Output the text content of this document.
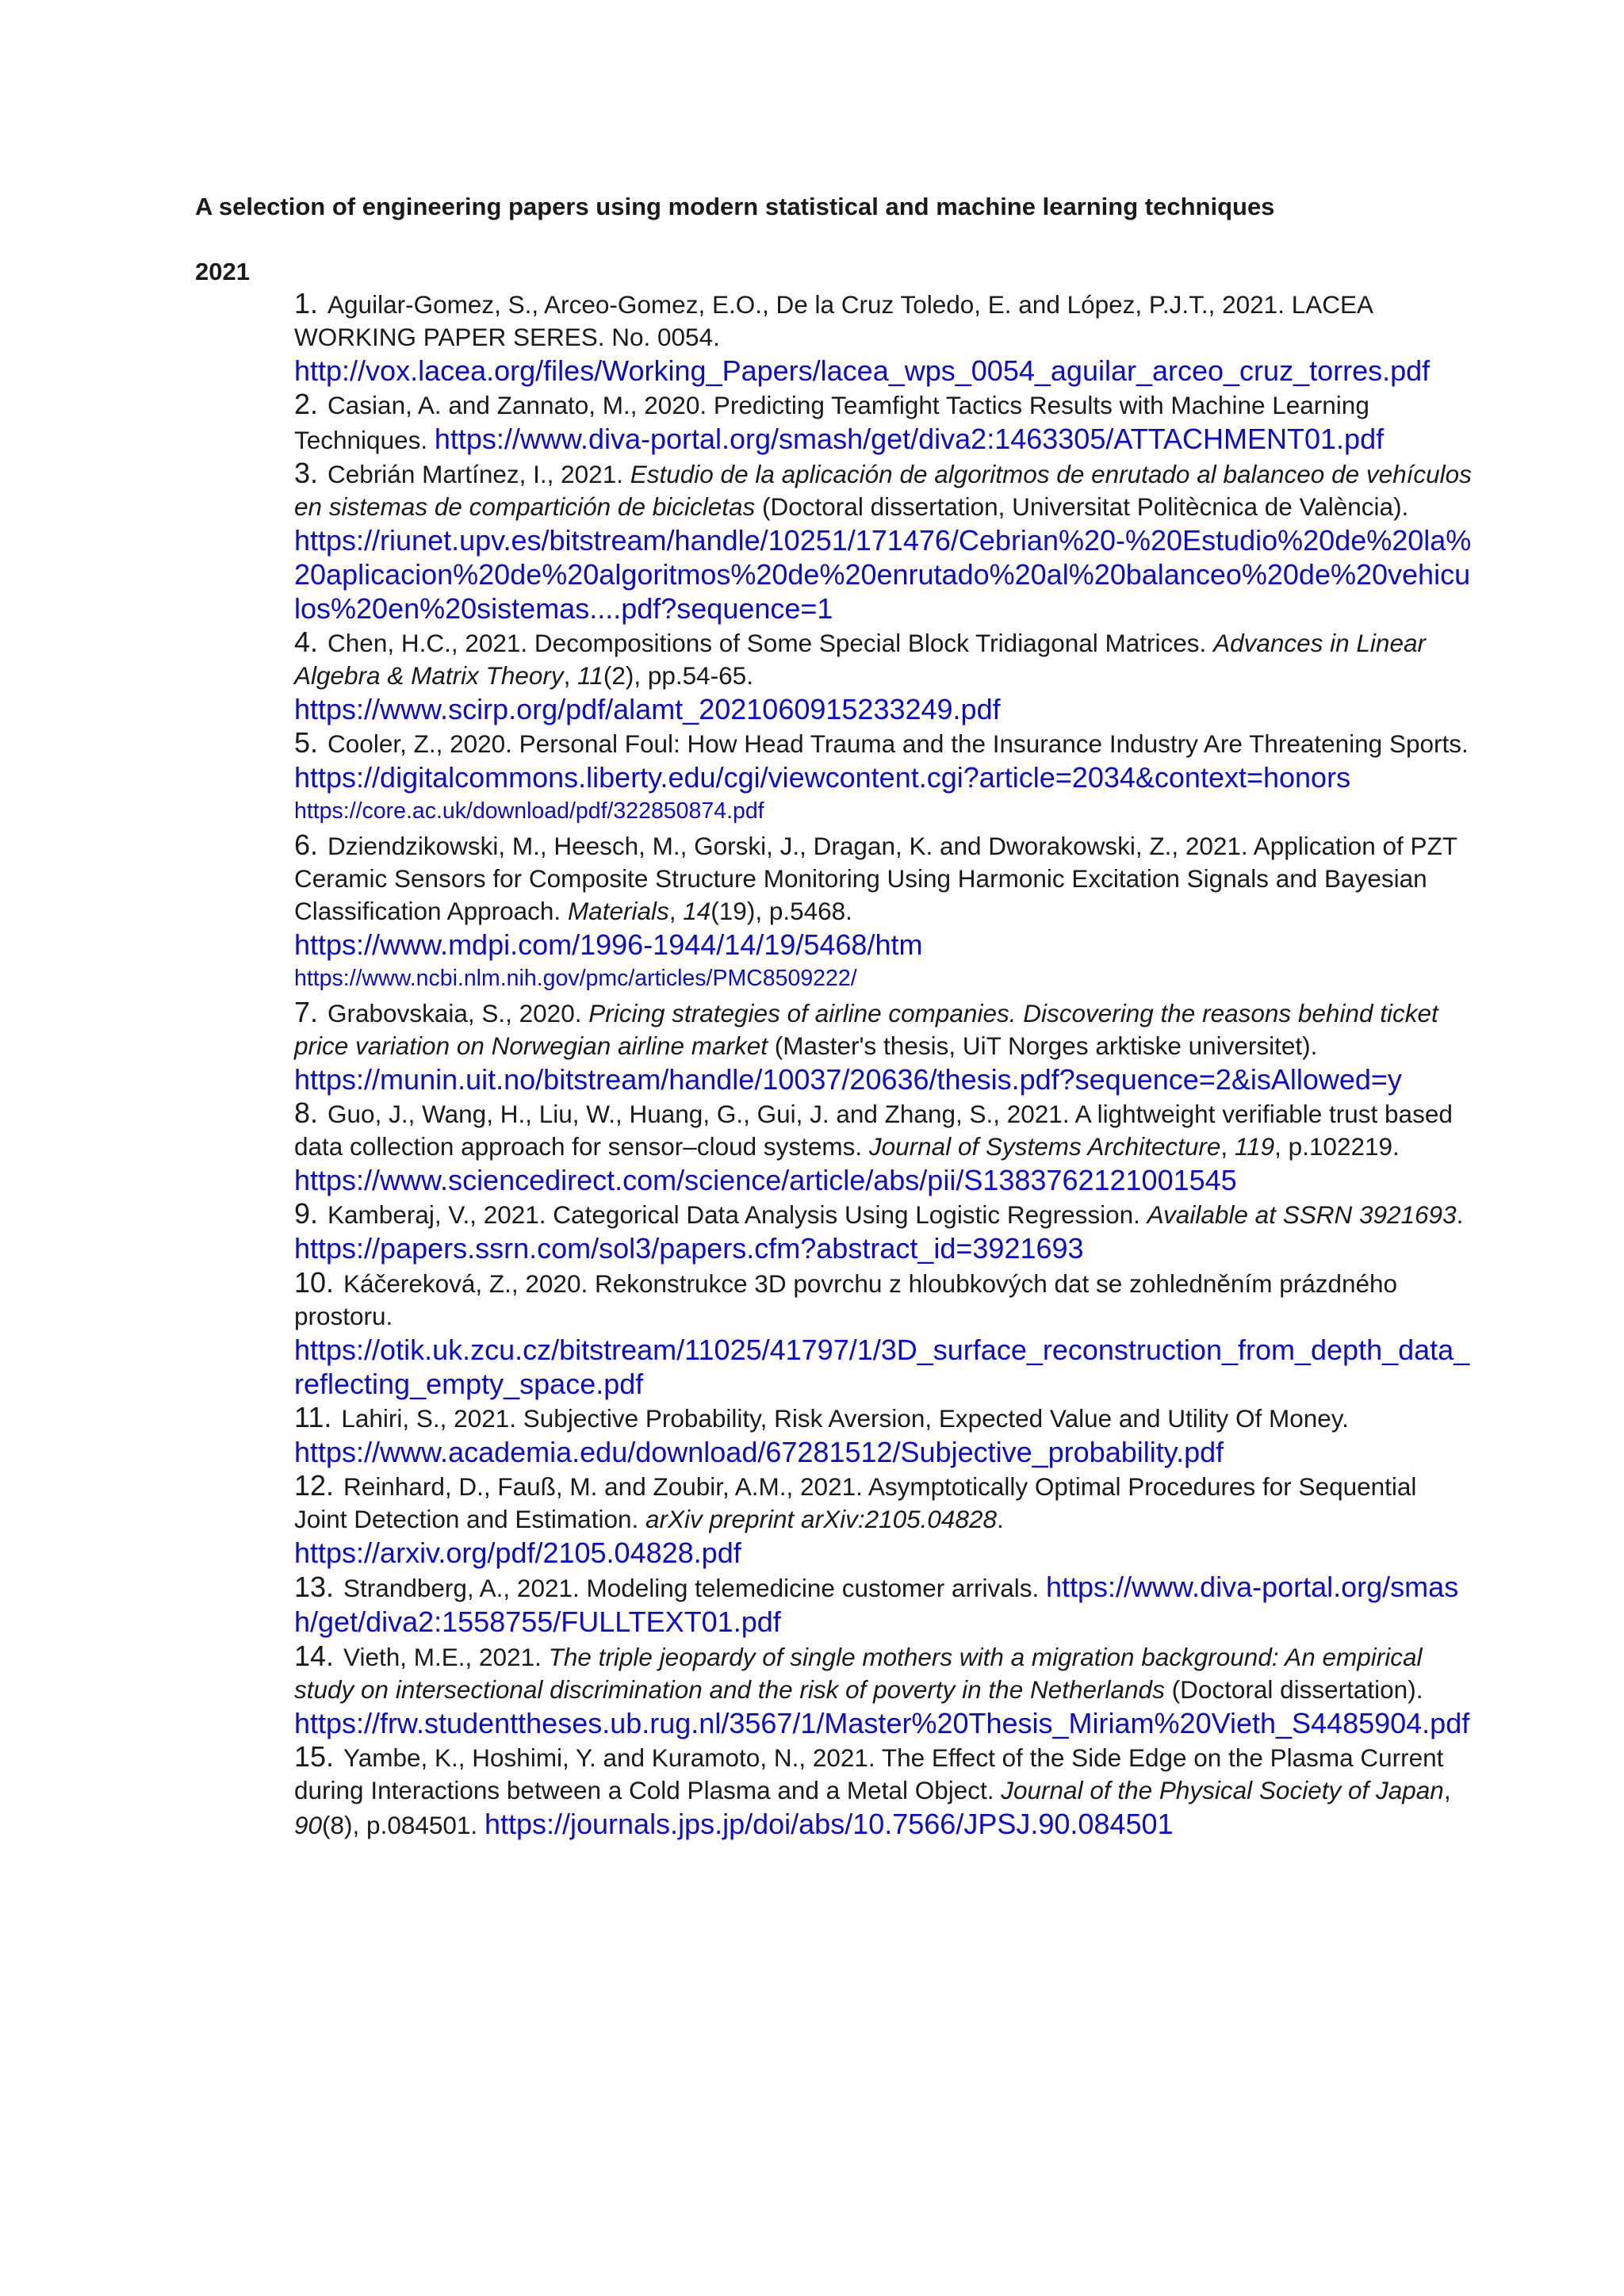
A selection of engineering papers using modern statistical and machine learning techniques
2021
1. Aguilar-Gomez, S., Arceo-Gomez, E.O., De la Cruz Toledo, E. and López, P.J.T., 2021. LACEA WORKING PAPER SERES. No. 0054.
http://vox.lacea.org/files/Working_Papers/lacea_wps_0054_aguilar_arceo_cruz_torres.pdf
2. Casian, A. and Zannato, M., 2020. Predicting Teamfight Tactics Results with Machine Learning Techniques. https://www.diva-portal.org/smash/get/diva2:1463305/ATTACHMENT01.pdf
3. Cebrián Martínez, I., 2021. Estudio de la aplicación de algoritmos de enrutado al balanceo de vehículos en sistemas de compartición de bicicletas (Doctoral dissertation, Universitat Politècnica de València).
https://riunet.upv.es/bitstream/handle/10251/171476/Cebrian%20-%20Estudio%20de%20la%20aplicacion%20de%20algoritmos%20de%20enrutado%20al%20balanceo%20de%20vehiculos%20en%20sistemas....pdf?sequence=1
4. Chen, H.C., 2021. Decompositions of Some Special Block Tridiagonal Matrices. Advances in Linear Algebra & Matrix Theory, 11(2), pp.54-65.
https://www.scirp.org/pdf/alamt_2021060915233249.pdf
5. Cooler, Z., 2020. Personal Foul: How Head Trauma and the Insurance Industry Are Threatening Sports.
https://digitalcommons.liberty.edu/cgi/viewcontent.cgi?article=2034&context=honors
https://core.ac.uk/download/pdf/322850874.pdf
6. Dziendzikowski, M., Heesch, M., Gorski, J., Dragan, K. and Dworakowski, Z., 2021. Application of PZT Ceramic Sensors for Composite Structure Monitoring Using Harmonic Excitation Signals and Bayesian Classification Approach. Materials, 14(19), p.5468.
https://www.mdpi.com/1996-1944/14/19/5468/htm
https://www.ncbi.nlm.nih.gov/pmc/articles/PMC8509222/
7. Grabovskaia, S., 2020. Pricing strategies of airline companies. Discovering the reasons behind ticket price variation on Norwegian airline market (Master's thesis, UiT Norges arktiske universitet).
https://munin.uit.no/bitstream/handle/10037/20636/thesis.pdf?sequence=2&isAllowed=y
8. Guo, J., Wang, H., Liu, W., Huang, G., Gui, J. and Zhang, S., 2021. A lightweight verifiable trust based data collection approach for sensor–cloud systems. Journal of Systems Architecture, 119, p.102219.
https://www.sciencedirect.com/science/article/abs/pii/S1383762121001545
9. Kamberaj, V., 2021. Categorical Data Analysis Using Logistic Regression. Available at SSRN 3921693. https://papers.ssrn.com/sol3/papers.cfm?abstract_id=3921693
10. Káčereková, Z., 2020. Rekonstrukce 3D povrchu z hloubkových dat se zohledněním prázdného prostoru.
https://otik.uk.zcu.cz/bitstream/11025/41797/1/3D_surface_reconstruction_from_depth_data_reflecting_empty_space.pdf
11. Lahiri, S., 2021. Subjective Probability, Risk Aversion, Expected Value and Utility Of Money.
https://www.academia.edu/download/67281512/Subjective_probability.pdf
12. Reinhard, D., Fauß, M. and Zoubir, A.M., 2021. Asymptotically Optimal Procedures for Sequential Joint Detection and Estimation. arXiv preprint arXiv:2105.04828.
https://arxiv.org/pdf/2105.04828.pdf
13. Strandberg, A., 2021. Modeling telemedicine customer arrivals. https://www.diva-portal.org/smash/get/diva2:1558755/FULLTEXT01.pdf
14. Vieth, M.E., 2021. The triple jeopardy of single mothers with a migration background: An empirical study on intersectional discrimination and the risk of poverty in the Netherlands (Doctoral dissertation).
https://frw.studenttheses.ub.rug.nl/3567/1/Master%20Thesis_Miriam%20Vieth_S4485904.pdf
15. Yambe, K., Hoshimi, Y. and Kuramoto, N., 2021. The Effect of the Side Edge on the Plasma Current during Interactions between a Cold Plasma and a Metal Object. Journal of the Physical Society of Japan, 90(8), p.084501. https://journals.jps.jp/doi/abs/10.7566/JPSJ.90.084501
